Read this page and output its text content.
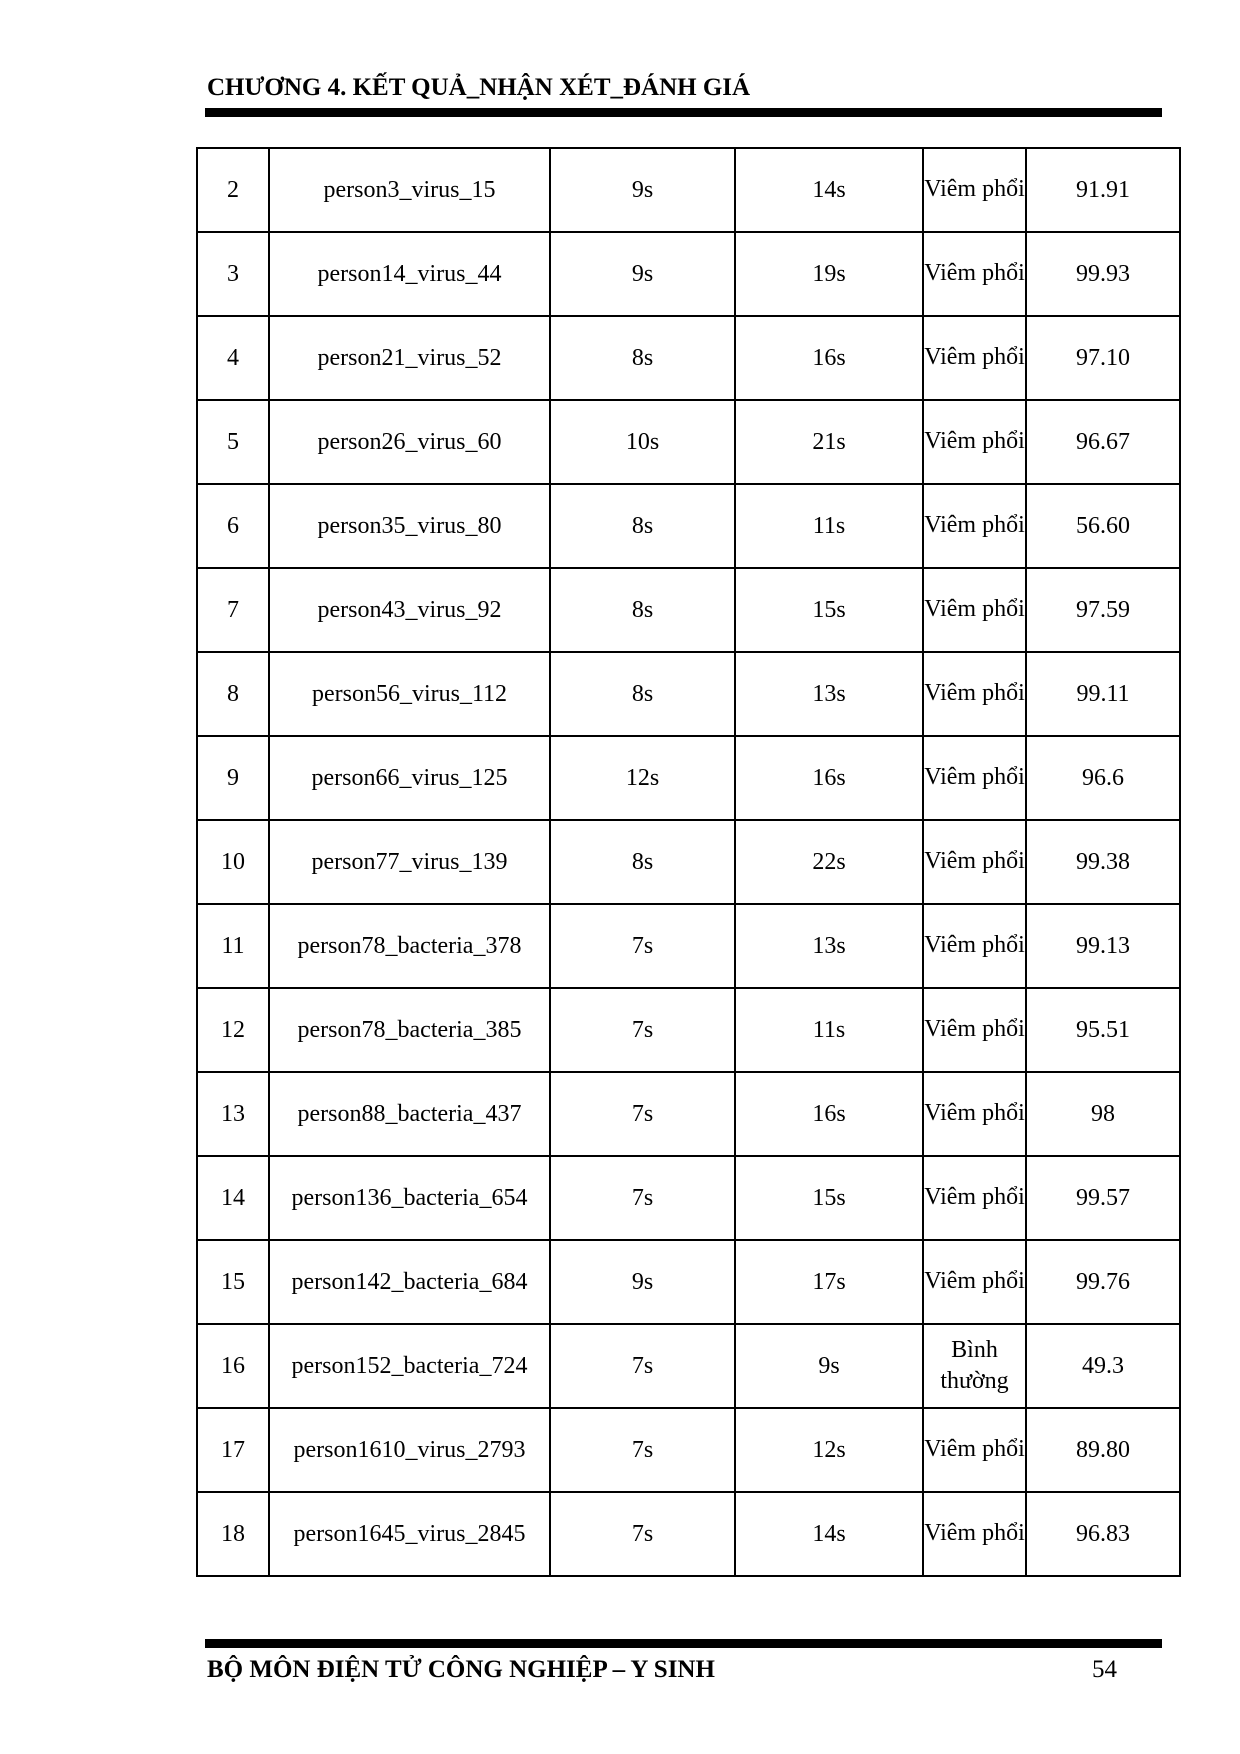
CHƯƠNG 4. KẾT QUẢ_NHẬN XÉT_ĐÁNH GIÁ
2	person3_virus_15	9s	14s	Viêm phổi	91.91
3	person14_virus_44	9s	19s	Viêm phổi	99.93
4	person21_virus_52	8s	16s	Viêm phổi	97.10
5	person26_virus_60	10s	21s	Viêm phổi	96.67
6	person35_virus_80	8s	11s	Viêm phổi	56.60
7	person43_virus_92	8s	15s	Viêm phổi	97.59
8	person56_virus_112	8s	13s	Viêm phổi	99.11
9	person66_virus_125	12s	16s	Viêm phổi	96.6
10	person77_virus_139	8s	22s	Viêm phổi	99.38
11	person78_bacteria_378	7s	13s	Viêm phổi	99.13
12	person78_bacteria_385	7s	11s	Viêm phổi	95.51
13	person88_bacteria_437	7s	16s	Viêm phổi	98
14	person136_bacteria_654	7s	15s	Viêm phổi	99.57
15	person142_bacteria_684	9s	17s	Viêm phổi	99.76
16	person152_bacteria_724	7s	9s	Bình thường	49.3
17	person1610_virus_2793	7s	12s	Viêm phổi	89.80
18	person1645_virus_2845	7s	14s	Viêm phổi	96.83
BỘ MÔN ĐIỆN TỬ CÔNG NGHIỆP – Y SINH	54
